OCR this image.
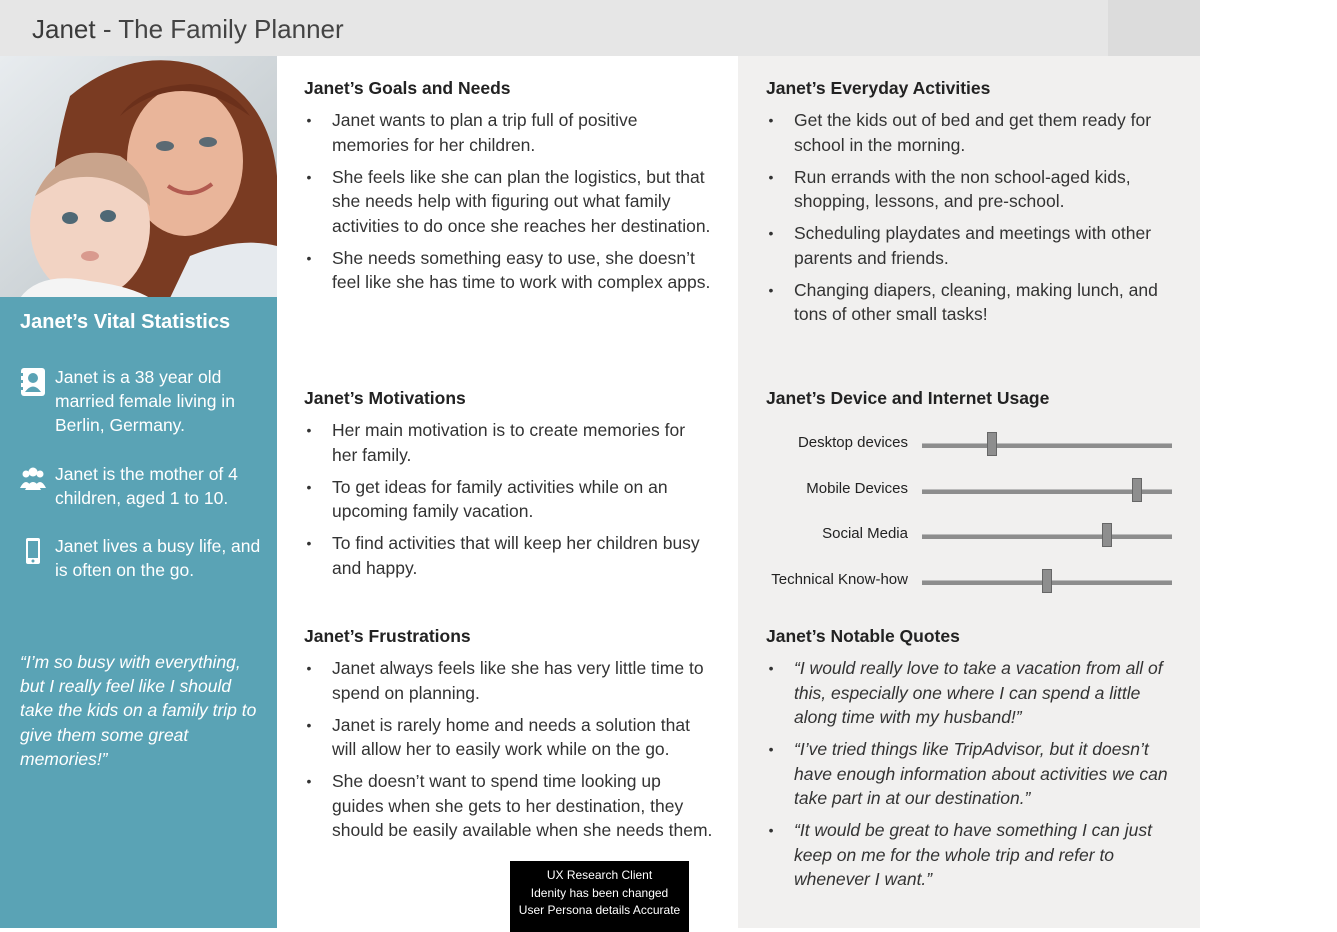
Janet - The Family Planner
Janet’s Vital Statistics
Janet is a 38 year old married female living in Berlin, Germany.
Janet is the mother of 4 children, aged 1 to 10.
Janet lives a busy life, and is often on the go.
“I’m so busy with everything, but I really feel like I should take the kids on a family trip to give them some great memories!”
Janet’s Goals and Needs
• Janet wants to plan a trip full of positive memories for her children.
• She feels like she can plan the logistics, but that she needs help with figuring out what family activities to do once she reaches her destination.
• She needs something easy to use, she doesn’t feel like she has time to work with complex apps.
Janet’s Motivations
• Her main motivation is to create memories for her family.
• To get ideas for family activities while on an upcoming family vacation.
• To find activities that will keep her children busy and happy.
Janet’s Frustrations
• Janet always feels like she has very little time to spend on planning.
• Janet is rarely home and needs a solution that will allow her to easily work while on the go.
• She doesn’t want to spend time looking up guides when she gets to her destination, they should be easily available when she needs them.
Janet’s Everyday Activities
• Get the kids out of bed and get them ready for school in the morning.
• Run errands with the non school-aged kids, shopping, lessons, and pre-school.
• Scheduling playdates and meetings with other parents and friends.
• Changing diapers, cleaning, making lunch, and tons of other small tasks!
Janet’s Device and Internet Usage
Desktop devices
Mobile Devices
Social Media
Technical Know-how
Janet’s Notable Quotes
• “I would really love to take a vacation from all of this, especially one where I can spend a little along time with my husband!”
• “I’ve tried things like TripAdvisor, but it doesn’t have enough information about activities we can take part in at our destination.”
• “It would be great to have something I can just keep on me for the whole trip and refer to whenever I want.”
UX Research Client
Idenity has been changed
User Persona details Accurate
